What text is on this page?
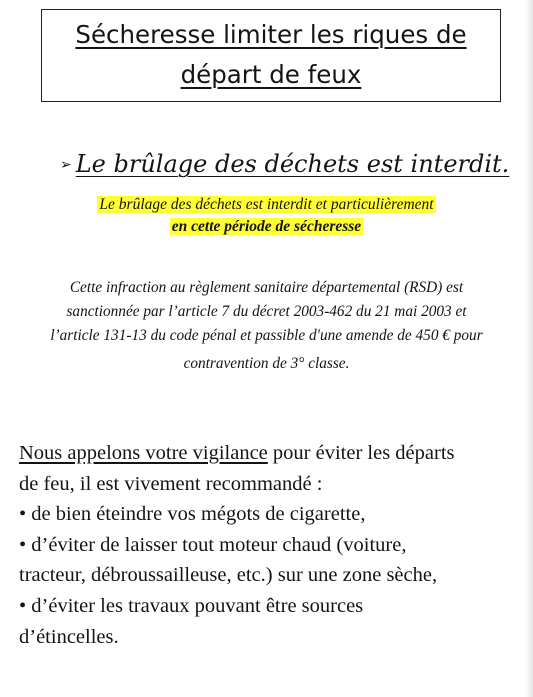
Sécheresse limiter les riques de
départ de feux
➢ Le brûlage des déchets est interdit.
Le brûlage des déchets est interdit et particulièrement
en cette période de sécheresse

Cette infraction au règlement sanitaire départemental (RSD) est

sanctionnée par l’article 7 du décret 2003-462 du 21 mai 2003 et

l’article 131-13 du code pénal et passible d'une amende de 450 € pour

contravention de 3° classe.

Nous appelons votre vigilance pour éviter les départs

de feu, il est vivement recommandé :

• de bien éteindre vos mégots de cigarette,

• d’éviter de laisser tout moteur chaud (voiture,

tracteur, débroussailleuse, etc.) sur une zone sèche,

• d’éviter les travaux pouvant être sources

d’étincelles.
